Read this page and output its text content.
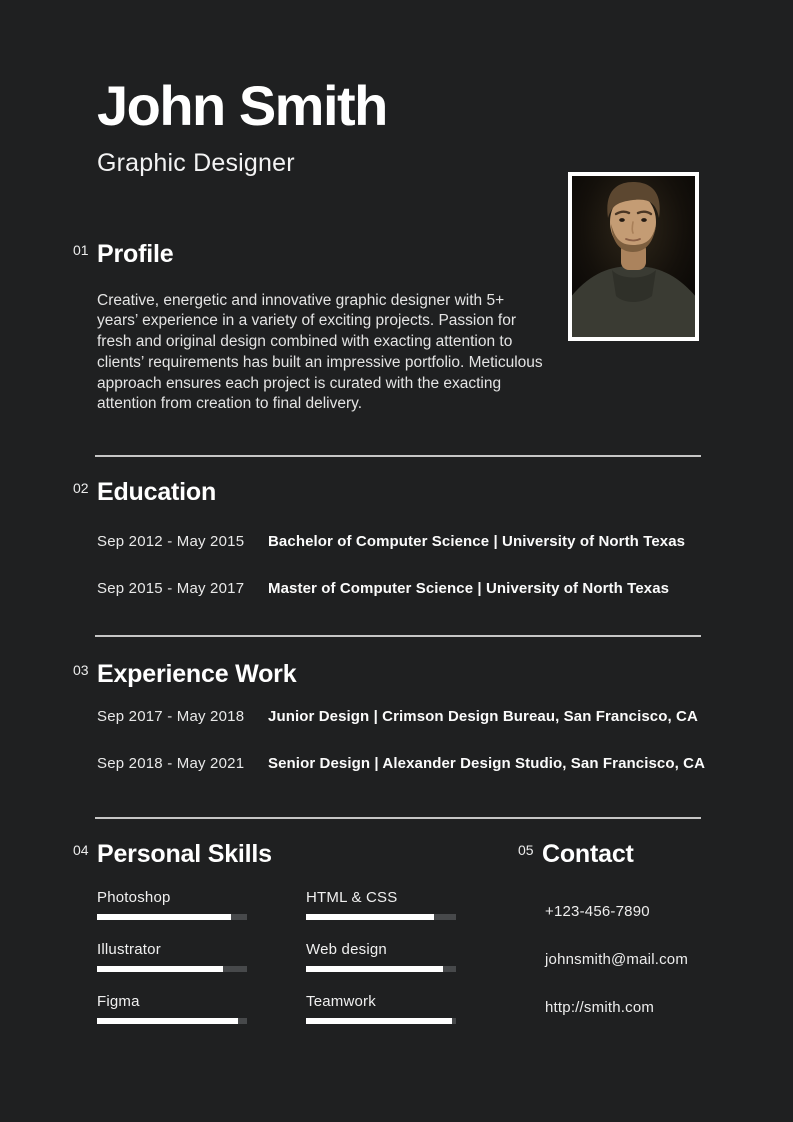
John Smith
Graphic Designer
01 Profile

Creative, energetic and innovative graphic designer with 5+ years’ experience in a variety of exciting projects. Passion for fresh and original design combined with exacting attention to clients’ requirements has built an impressive portfolio. Meticulous approach ensures each project is curated with the exacting attention from creation to final delivery.

02 Education
Sep 2012 - May 2015	Bachelor of Computer Science | University of North Texas
Sep 2015 - May 2017	Master of Computer Science | University of North Texas
03 Experience Work
Sep 2017 - May 2018	Junior Design | Crimson Design Bureau, San Francisco, CA
Sep 2018 - May 2021	Senior Design | Alexander Design Studio, San Francisco, CA
04 Personal Skills
Photoshop
Illustrator
Figma
HTML & CSS
Web design
Teamwork
05 Contact
+123-456-7890
johnsmith@mail.com
http://smith.com
